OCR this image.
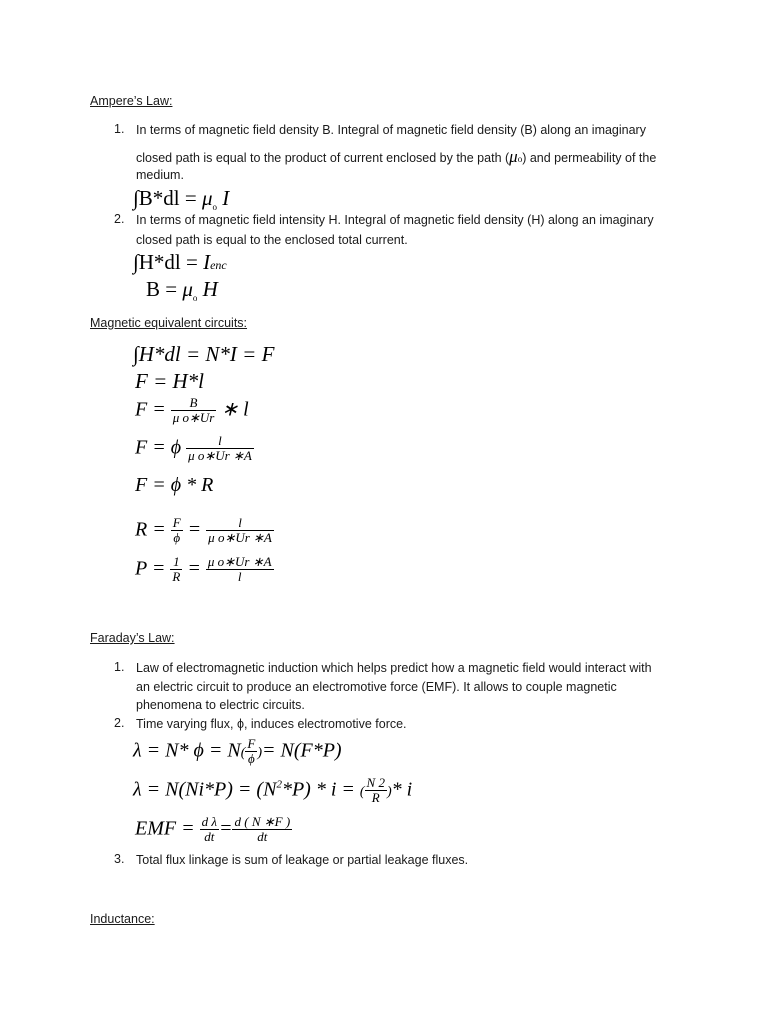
Ampere’s Law:
1. In terms of magnetic field density B. Integral of magnetic field density (B) along an imaginary
closed path is equal to the product of current enclosed by the path (μo) and permeability of the
medium.
$\int B*dl = \mu_o$ I
2. In terms of magnetic field intensity H. Integral of magnetic field density (H) along an imaginary
closed path is equal to the enclosed total current.
∫H*dl = Ienc
$B = \mu_o$ H
Magnetic equivalent circuits:
∫H*dl = N*I = F
F = H*l
$F = \frac{B}{\text{μ o∗Ur}}$ ∗ l
F = ϕ $\frac{l}{\text{μ o∗Ur ∗A}}$
F = ϕ * R
$R = \frac{F}{\phi} = \frac{l}{\text{μ o∗Ur ∗A}}$
$P = \frac{1}{R} = \frac{\text{μ o∗Ur ∗A}}{l}$
Faraday’s Law:
1. Law of electromagnetic induction which helps predict how a magnetic field would interact with
an electric circuit to produce an electromotive force (EMF). It allows to couple magnetic
phenomena to electric circuits.
2. Time varying flux, ϕ, induces electromotive force.
λ = N* $\phi = N( \frac{F}{\phi}$ )= N(F*P)
$\lambda = N(Ni*P) = (N^2*P) * i$ = ( $\frac{N 2}{R}$ )* i
EMF = $\frac{\text{d λ}}{dt} = \frac{d ( N ∗F )}{dt}$
3. Total flux linkage is sum of leakage or partial leakage fluxes.
Inductance:
